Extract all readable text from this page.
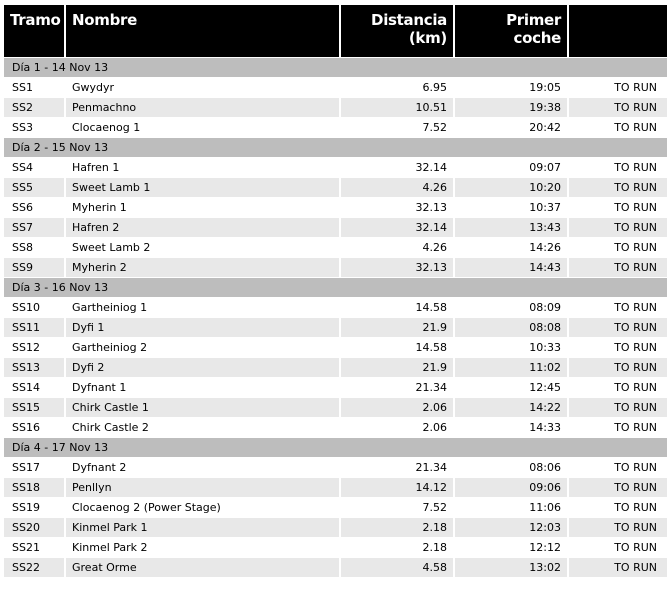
Tramo	Nombre	Distancia (km)	Primer coche	
Día 1 - 14 Nov 13				
SS1	Gwydyr	6.95	19:05	TO RUN
SS2	Penmachno	10.51	19:38	TO RUN
SS3	Clocaenog 1	7.52	20:42	TO RUN
Día 2 - 15 Nov 13				
SS4	Hafren 1	32.14	09:07	TO RUN
SS5	Sweet Lamb 1	4.26	10:20	TO RUN
SS6	Myherin 1	32.13	10:37	TO RUN
SS7	Hafren 2	32.14	13:43	TO RUN
SS8	Sweet Lamb 2	4.26	14:26	TO RUN
SS9	Myherin 2	32.13	14:43	TO RUN
Día 3 - 16 Nov 13				
SS10	Gartheiniog 1	14.58	08:09	TO RUN
SS11	Dyfi 1	21.9	08:08	TO RUN
SS12	Gartheiniog 2	14.58	10:33	TO RUN
SS13	Dyfi 2	21.9	11:02	TO RUN
SS14	Dyfnant 1	21.34	12:45	TO RUN
SS15	Chirk Castle 1	2.06	14:22	TO RUN
SS16	Chirk Castle 2	2.06	14:33	TO RUN
Día 4 - 17 Nov 13				
SS17	Dyfnant 2	21.34	08:06	TO RUN
SS18	Penllyn	14.12	09:06	TO RUN
SS19	Clocaenog 2 (Power Stage)	7.52	11:06	TO RUN
SS20	Kinmel Park 1	2.18	12:03	TO RUN
SS21	Kinmel Park 2	2.18	12:12	TO RUN
SS22	Great Orme	4.58	13:02	TO RUN
